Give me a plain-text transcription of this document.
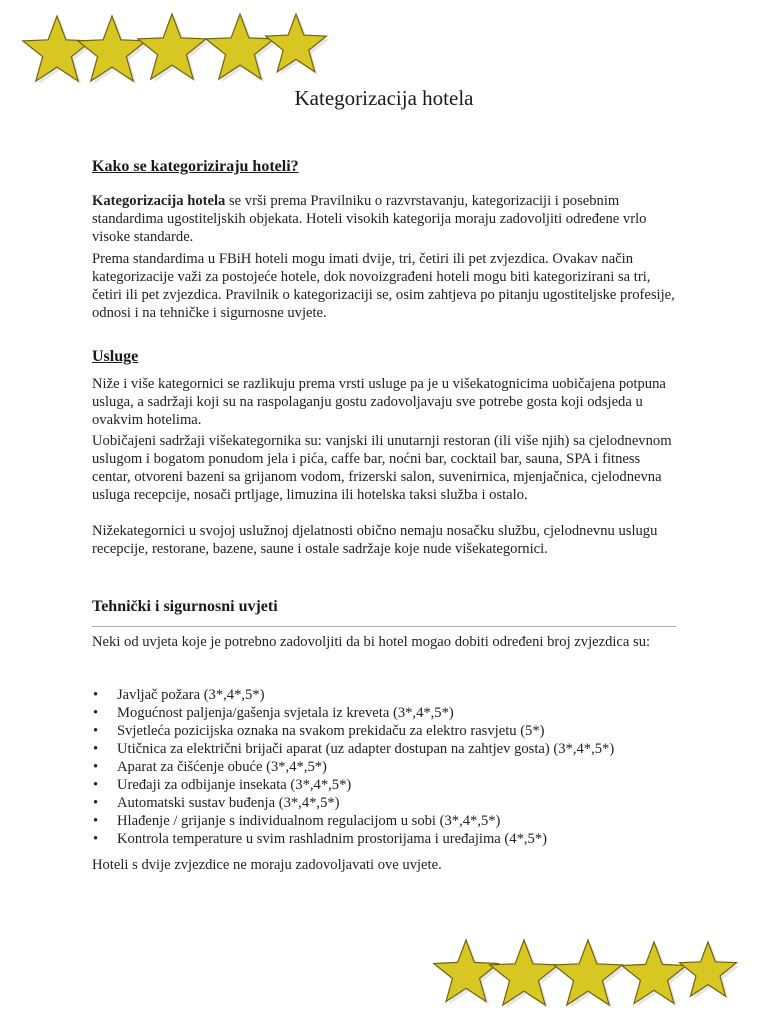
Kategorizacija hotela
Kako se kategoriziraju hoteli?

Kategorizacija hotela se vrši prema Pravilniku o razvrstavanju, kategorizaciji i posebnim standardima ugostiteljskih objekata. Hoteli visokih kategorija moraju zadovoljiti određene vrlo visoke standarde.

Prema standardima u FBiH hoteli mogu imati dvije, tri, četiri ili pet zvjezdica. Ovakav način kategorizacije važi za postojeće hotele, dok novoizgrađeni hoteli mogu biti kategorizirani sa tri, četiri ili pet zvjezdica. Pravilnik o kategorizaciji se, osim zahtjeva po pitanju ugostiteljske profesije, odnosi i na tehničke i sigurnosne uvjete.

Usluge

Niže i više kategornici se razlikuju prema vrsti usluge pa je u višekatognicima uobičajena potpuna usluga, a sadržaji koji su na raspolaganju gostu zadovoljavaju sve potrebe gosta koji odsjeda u ovakvim hotelima.

Uobičajeni sadržaji višekategornika su: vanjski ili unutarnji restoran (ili više njih) sa cjelodnevnom uslugom i bogatom ponudom jela i pića, caffe bar, noćni bar, cocktail bar, sauna, SPA i fitness centar, otvoreni bazeni sa grijanom vodom, frizerski salon, suvenirnica, mjenjačnica, cjelodnevna usluga recepcije, nosači prtljage, limuzina ili hotelska taksi služba i ostalo.

Nižekategornici u svojoj uslužnoj djelatnosti obično nemaju nosačku službu, cjelodnevnu uslugu recepcije, restorane, bazene, saune i ostale sadržaje koje nude višekategornici.

Tehnički i sigurnosni uvjeti

Neki od uvjeta koje je potrebno zadovoljiti da bi hotel mogao dobiti određeni broj zvjezdica su:

• Javljač požara (3*,4*,5*)
• Mogućnost paljenja/gašenja svjetala iz kreveta (3*,4*,5*)
• Svjetleća pozicijska oznaka na svakom prekidaču za elektro rasvjetu (5*)
• Utičnica za električni brijači aparat (uz adapter dostupan na zahtjev gosta) (3*,4*,5*)
• Aparat za čišćenje obuće (3*,4*,5*)
• Uređaji za odbijanje insekata (3*,4*,5*)
• Automatski sustav buđenja (3*,4*,5*)
• Hlađenje / grijanje s individualnom regulacijom u sobi (3*,4*,5*)
• Kontrola temperature u svim rashladnim prostorijama i uređajima (4*,5*)

Hoteli s dvije zvjezdice ne moraju zadovoljavati ove uvjete.
